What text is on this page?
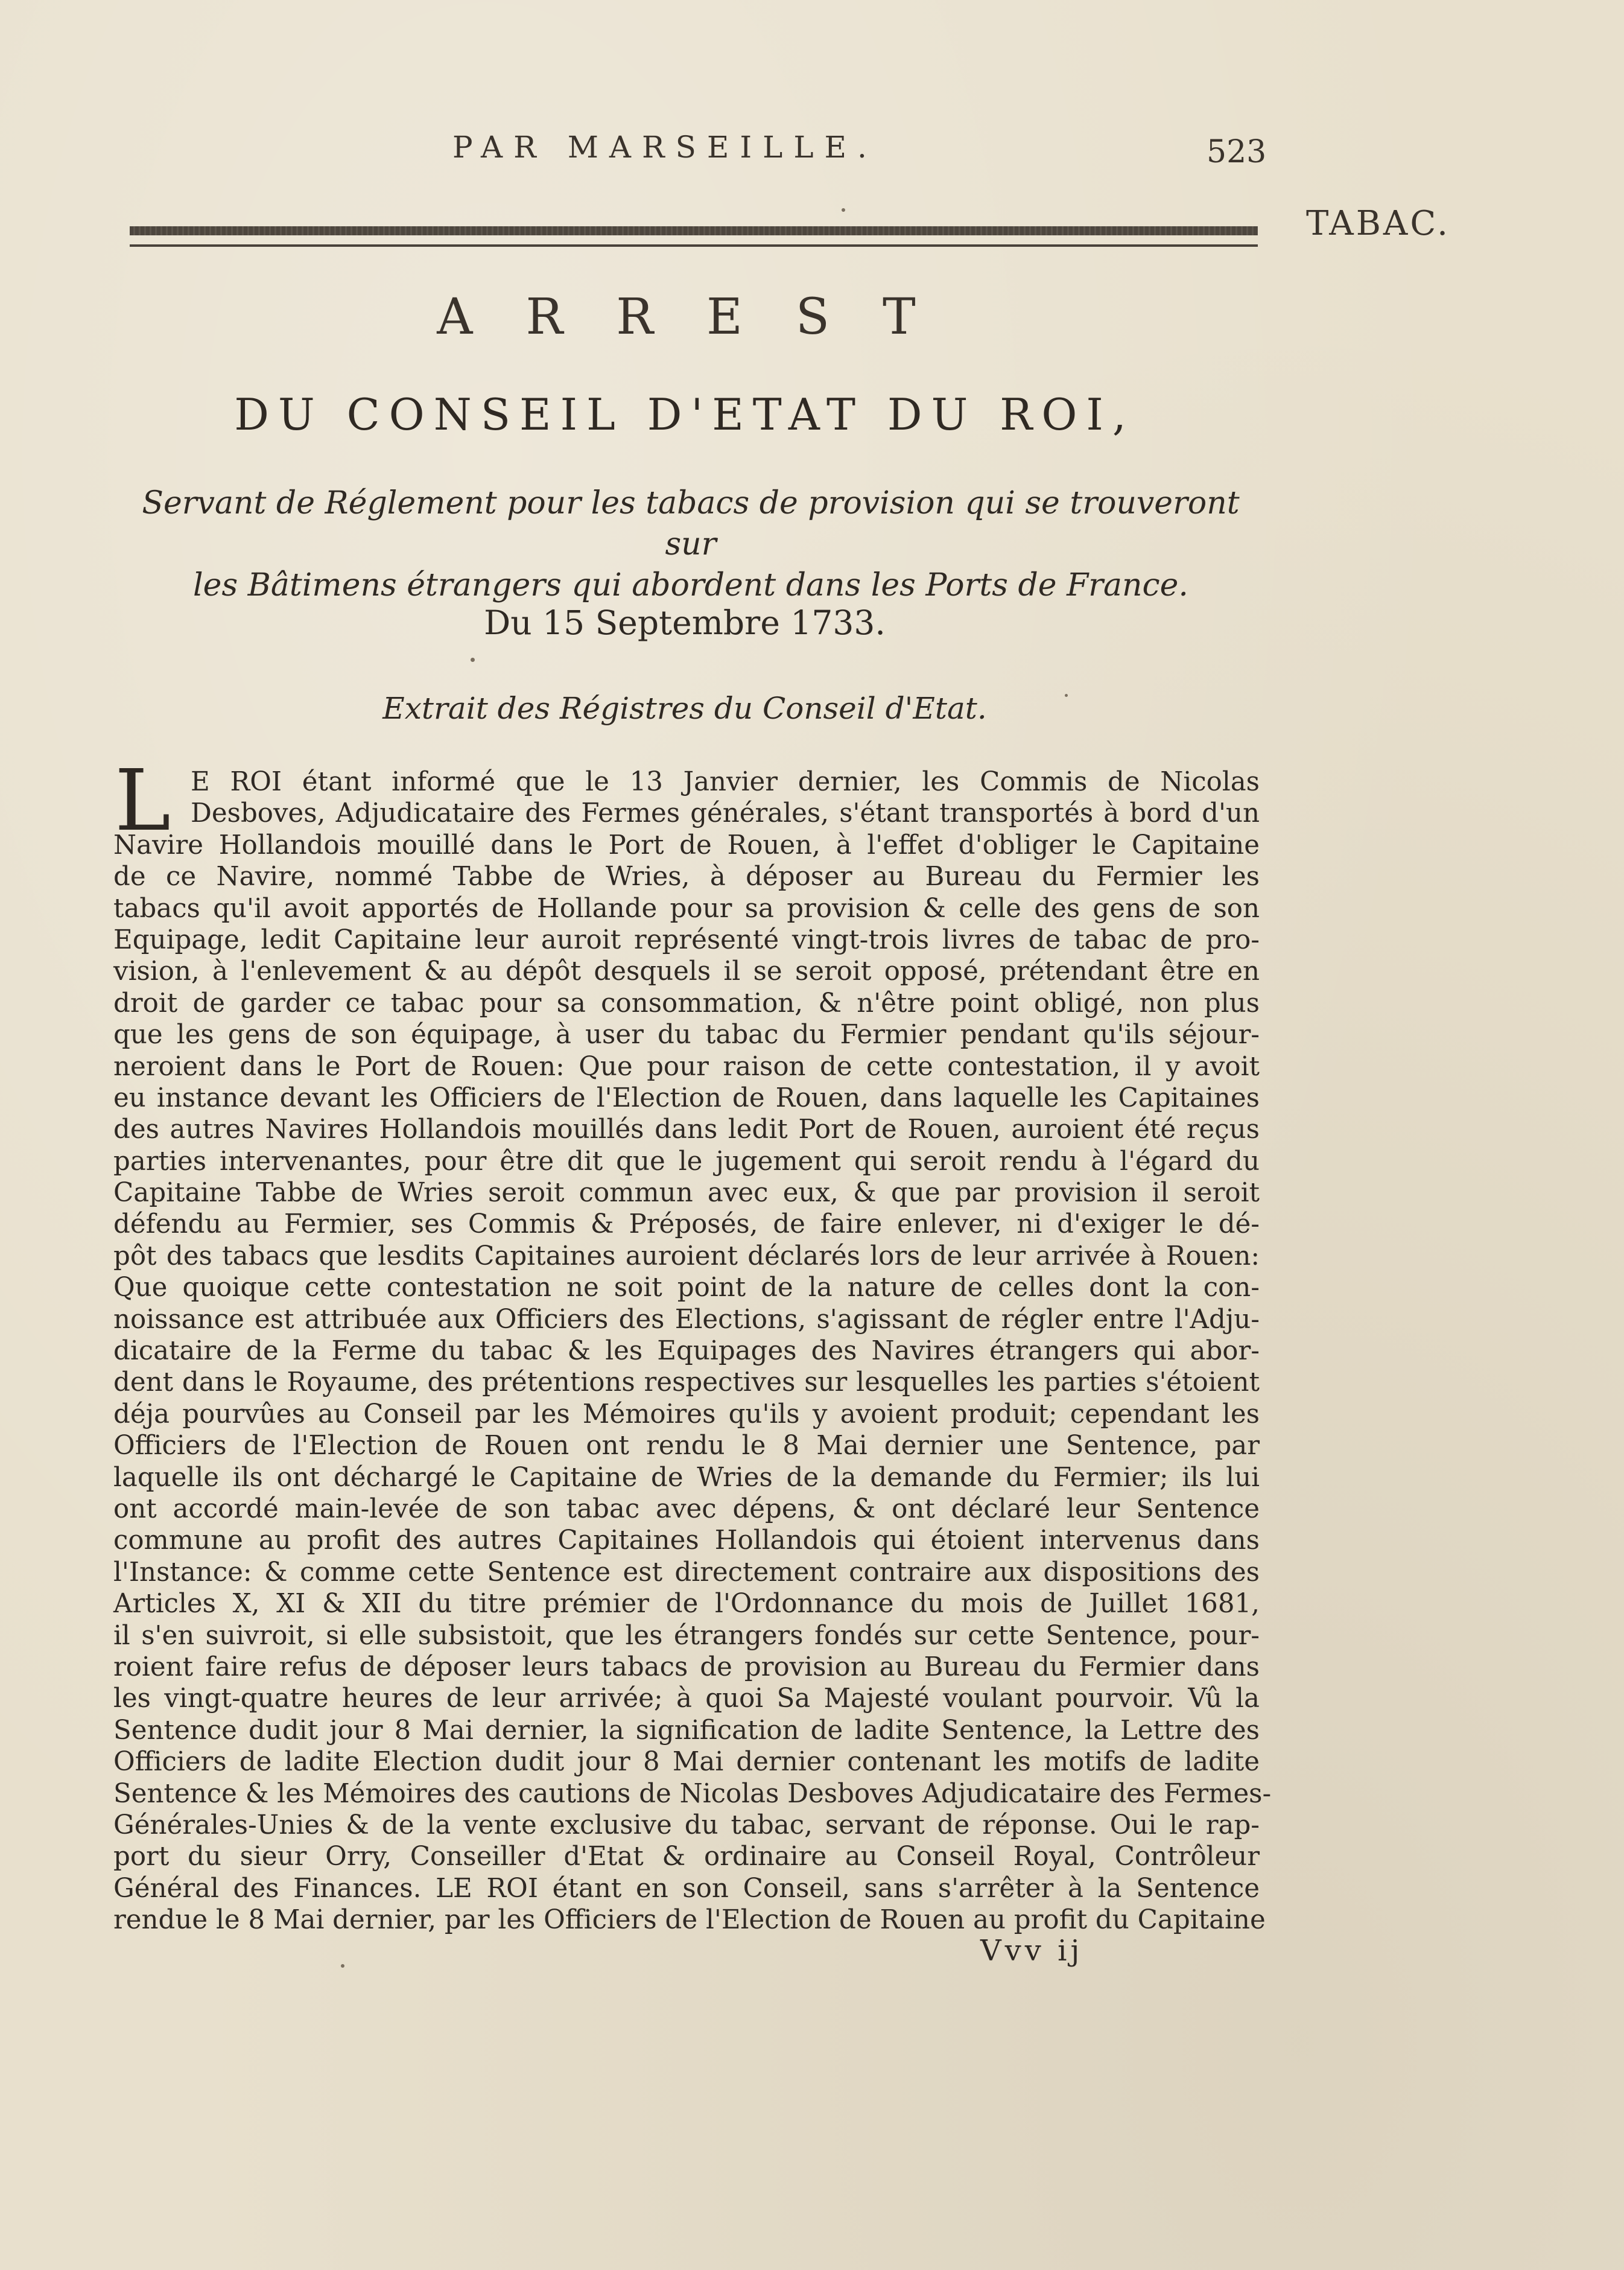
PAR MARSEILLE.	523
TABAC.
ARREST
DU CONSEIL D'ETAT DU ROI,
Servant de Réglement pour les tabacs de provision qui se trouveront sur
les Bâtimens étrangers qui abordent dans les Ports de France.
Du 15 Septembre 1733.
Extrait des Régistres du Conseil d'Etat.
L E ROI étant informé que le 13 Janvier dernier, les Commis de Nicolas
Desboves, Adjudicataire des Fermes générales, s'étant transportés à bord d'un
Navire Hollandois mouillé dans le Port de Rouen, à l'effet d'obliger le Capitaine
de ce Navire, nommé Tabbe de Wries, à déposer au Bureau du Fermier les
tabacs qu'il avoit apportés de Hollande pour sa provision & celle des gens de son
Equipage, ledit Capitaine leur auroit représenté vingt-trois livres de tabac de pro-
vision, à l'enlevement & au dépôt desquels il se seroit opposé, prétendant être en
droit de garder ce tabac pour sa consommation, & n'être point obligé, non plus
que les gens de son équipage, à user du tabac du Fermier pendant qu'ils séjour-
neroient dans le Port de Rouen: Que pour raison de cette contestation, il y avoit
eu instance devant les Officiers de l'Election de Rouen, dans laquelle les Capitaines
des autres Navires Hollandois mouillés dans ledit Port de Rouen, auroient été reçus
parties intervenantes, pour être dit que le jugement qui seroit rendu à l'égard du
Capitaine Tabbe de Wries seroit commun avec eux, & que par provision il seroit
défendu au Fermier, ses Commis & Préposés, de faire enlever, ni d'exiger le dé-
pôt des tabacs que lesdits Capitaines auroient déclarés lors de leur arrivée à Rouen:
Que quoique cette contestation ne soit point de la nature de celles dont la con-
noissance est attribuée aux Officiers des Elections, s'agissant de régler entre l'Adju-
dicataire de la Ferme du tabac & les Equipages des Navires étrangers qui abor-
dent dans le Royaume, des prétentions respectives sur lesquelles les parties s'étoient
déja pourvûes au Conseil par les Mémoires qu'ils y avoient produit; cependant les
Officiers de l'Election de Rouen ont rendu le 8 Mai dernier une Sentence, par
laquelle ils ont déchargé le Capitaine de Wries de la demande du Fermier; ils lui
ont accordé main-levée de son tabac avec dépens, & ont déclaré leur Sentence
commune au profit des autres Capitaines Hollandois qui étoient intervenus dans
l'Instance: & comme cette Sentence est directement contraire aux dispositions des
Articles X, XI & XII du titre prémier de l'Ordonnance du mois de Juillet 1681,
il s'en suivroit, si elle subsistoit, que les étrangers fondés sur cette Sentence, pour-
roient faire refus de déposer leurs tabacs de provision au Bureau du Fermier dans
les vingt-quatre heures de leur arrivée; à quoi Sa Majesté voulant pourvoir. Vû la
Sentence dudit jour 8 Mai dernier, la signification de ladite Sentence, la Lettre des
Officiers de ladite Election dudit jour 8 Mai dernier contenant les motifs de ladite
Sentence & les Mémoires des cautions de Nicolas Desboves Adjudicataire des Fermes-
Générales-Unies & de la vente exclusive du tabac, servant de réponse. Oui le rap-
port du sieur Orry, Conseiller d'Etat & ordinaire au Conseil Royal, Contrôleur
Général des Finances. LE ROI étant en son Conseil, sans s'arrêter à la Sentence
rendue le 8 Mai dernier, par les Officiers de l'Election de Rouen au profit du Capitaine
Vvv ij
